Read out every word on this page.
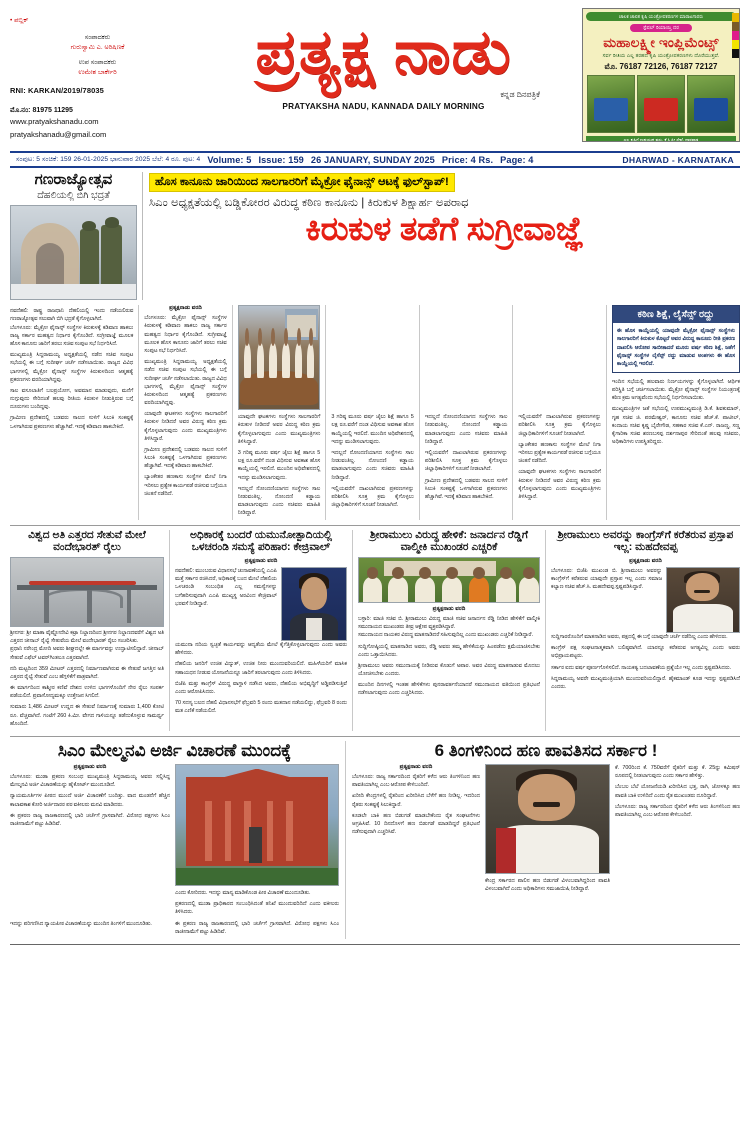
• ಪಬ್ಲಿಕ್
ಸಂಪಾದಕರು
ಗುರುಸ್ವಾಮಿ ಎ. ಅರಿಷಿಣಕೆ
ಉಪ ಸಂಪಾದಕರು
ಉಮೇಶ ಬಾರ್ಕೇರಿ
RNI: KARKAN/2019/78035
ಮೊ.ನಂ: 81975 11295
www.pratyakshanadu.com
pratyakshanadu@gmail.com
ಪ್ರತ್ಯಕ್ಷ ನಾಡು
ಕನ್ನಡ ದಿನಪತ್ರಿಕೆ
PRATYAKSHA NADU, KANNADA DAILY MORNING
ಚಾಲಕ ಚಾಲಿತ ಕೃಷಿ ಯಂತ್ರೋಪಕರಣಗಳ ಮಾರಾಟಗಾರರು
ಸ್ಪೆಷಲ್ ರಿಯಾಯ್ತಿ ದರ
ಮಹಾಲಕ್ಷ್ಮೀ ಇಂಪ್ಲಿಮೆಂಟ್ಸ್
ಸರ್ವ ರೀತಿಯ ಎಲ್ಲ ತರಹದ ಕೃಷಿ ಯಂತ್ರೋಪಕರಣಗಳು ದೊರೆಯುತ್ತವೆ.
ಮೊ. 76187 72126, 76187 72127
ಎಲ್ಲ ಕೃಷಿಗೆ ಉಪಯುಕ್ತ ವಸ್ತು, ಕೆ ಸಿ ಫ್ರೀ ಸೇವೆ, ಧಾರವಾಡ
ಸಂಪುಟ: 5 ಸಂಚಿಕೆ: 159 26-01-2025 ಭಾನುವಾರ 2025 ಬೆಲೆ: 4 ರೂ. ಪುಟ: 4 Volume: 5 Issue: 159 26 JANUARY, SUNDAY 2025 Price: 4 Rs. Page: 4	DHARWAD - KARNATAKA
ಗಣರಾಜ್ಯೋತ್ಸವ
ದೆಹಲಿಯಲ್ಲಿ ಬಿಗಿ ಭದ್ರತೆ
ಹೊಸ ಕಾನೂನು ಜಾರಿಯಿಂದ ಸಾಲಗಾರರಿಗೆ ಮೈಕ್ರೋ ಫೈನಾನ್ಸ್ ಆಟಕ್ಕೆ ಫುಲ್‌ಸ್ಟಾಪ್!
ಸಿಎಂ ಅಧ್ಯಕ್ಷತೆಯಲ್ಲಿ ಬಡ್ಡಿಕೋರರ ವಿರುದ್ಧ ಕಠಿಣ ಕಾನೂನು | ಕಿರುಕುಳ ಶಿಕ್ಷಾರ್ಹ ಅಪರಾಧ
ಕಿರುಕುಳ ತಡೆಗೆ ಸುಗ್ರೀವಾಜ್ಞೆ
ನವದೆಹಲಿ: ರಾಷ್ಟ್ರ ರಾಜಧಾನಿ ದೆಹಲಿಯಲ್ಲಿ ಇಂದು ನಡೆಯಲಿರುವ ಗಣರಾಜ್ಯೋತ್ಸವ ಸಲುವಾಗಿ ಬಿಗಿ ಭದ್ರತೆ ಕೈಗೊಳ್ಳಲಾಗಿದೆ.
ಬೆಂಗಳೂರು: ಮೈಕ್ರೋ ಫೈನಾನ್ಸ್ ಸಂಸ್ಥೆಗಳ ಕಿರುಕುಳಕ್ಕೆ ಕಡಿವಾಣ ಹಾಕಲು ರಾಜ್ಯ ಸರ್ಕಾರ ಮಹತ್ವದ ನಿರ್ಧಾರ ಕೈಗೊಂಡಿದೆ. ಸುಗ್ರೀವಾಜ್ಞೆ ಮೂಲಕ ಹೊಸ ಕಾನೂನು ಜಾರಿಗೆ ತರಲು ಸಚಿವ ಸಂಪುಟ ಸಭೆ ನಿರ್ಧರಿಸಿದೆ.
ಮುಖ್ಯಮಂತ್ರಿ ಸಿದ್ದರಾಮಯ್ಯ ಅಧ್ಯಕ್ಷತೆಯಲ್ಲಿ ನಡೆದ ಸಚಿವ ಸಂಪುಟ ಸಭೆಯಲ್ಲಿ ಈ ಬಗ್ಗೆ ಸುದೀರ್ಘ ಚರ್ಚೆ ನಡೆಸಲಾಯಿತು. ರಾಜ್ಯದ ವಿವಿಧ ಭಾಗಗಳಲ್ಲಿ ಮೈಕ್ರೋ ಫೈನಾನ್ಸ್ ಸಂಸ್ಥೆಗಳ ಕಿರುಕುಳದಿಂದ ಆತ್ಮಹತ್ಯೆ ಪ್ರಕರಣಗಳು ವರದಿಯಾಗಿದ್ದವು.
ಸಾಲ ವಸೂಲಾತಿಗೆ ಬಲಪ್ರಯೋಗ, ಅವಮಾನ ಮಾಡುವುದು, ಮನೆಗೆ ನುಗ್ಗುವುದು ಸೇರಿದಂತೆ ಹಲವು ರೀತಿಯ ಕಿರುಕುಳ ನೀಡುತ್ತಿರುವ ಬಗ್ಗೆ ದೂರುಗಳು ಬಂದಿದ್ದವು.
ಗ್ರಾಮೀಣ ಪ್ರದೇಶದಲ್ಲಿ ಬಡವರು ಸಾಲದ ಸುಳಿಗೆ ಸಿಲುಕಿ ಸಂಕಷ್ಟಕ್ಕೆ ಒಳಗಾಗಿರುವ ಪ್ರಕರಣಗಳು ಹೆಚ್ಚಾಗಿವೆ. ಇದಕ್ಕೆ ಕಡಿವಾಣ ಹಾಕಬೇಕಿದೆ.
ಪ್ರತ್ಯಕ್ಷನಾಡು ವರದಿ
ಬೆಂಗಳೂರು: ಮೈಕ್ರೋ ಫೈನಾನ್ಸ್ ಸಂಸ್ಥೆಗಳ ಕಿರುಕುಳಕ್ಕೆ ಕಡಿವಾಣ ಹಾಕಲು ರಾಜ್ಯ ಸರ್ಕಾರ ಮಹತ್ವದ ನಿರ್ಧಾರ ಕೈಗೊಂಡಿದೆ. ಸುಗ್ರೀವಾಜ್ಞೆ ಮೂಲಕ ಹೊಸ ಕಾನೂನು ಜಾರಿಗೆ ತರಲು ಸಚಿವ ಸಂಪುಟ ಸಭೆ ನಿರ್ಧರಿಸಿದೆ.
ಮುಖ್ಯಮಂತ್ರಿ ಸಿದ್ದರಾಮಯ್ಯ ಅಧ್ಯಕ್ಷತೆಯಲ್ಲಿ ನಡೆದ ಸಚಿವ ಸಂಪುಟ ಸಭೆಯಲ್ಲಿ ಈ ಬಗ್ಗೆ ಸುದೀರ್ಘ ಚರ್ಚೆ ನಡೆಸಲಾಯಿತು. ರಾಜ್ಯದ ವಿವಿಧ ಭಾಗಗಳಲ್ಲಿ ಮೈಕ್ರೋ ಫೈನಾನ್ಸ್ ಸಂಸ್ಥೆಗಳ ಕಿರುಕುಳದಿಂದ ಆತ್ಮಹತ್ಯೆ ಪ್ರಕರಣಗಳು ವರದಿಯಾಗಿದ್ದವು.
ಯಾವುದೇ ಘಟಕಗಳು ಸಂಸ್ಥೆಗಳು ಸಾಲಗಾರರಿಗೆ ಕಿರುಕುಳ ನೀಡಿದರೆ ಅವರ ವಿರುದ್ಧ ಕಠಿಣ ಕ್ರಮ ಕೈಗೊಳ್ಳಲಾಗುವುದು ಎಂದು ಮುಖ್ಯಮಂತ್ರಿಗಳು ತಿಳಿಸಿದ್ದಾರೆ.
ಗ್ರಾಮೀಣ ಪ್ರದೇಶದಲ್ಲಿ ಬಡವರು ಸಾಲದ ಸುಳಿಗೆ ಸಿಲುಕಿ ಸಂಕಷ್ಟಕ್ಕೆ ಒಳಗಾಗಿರುವ ಪ್ರಕರಣಗಳು ಹೆಚ್ಚಾಗಿವೆ. ಇದಕ್ಕೆ ಕಡಿವಾಣ ಹಾಕಬೇಕಿದೆ.
ಬ್ಯಾಂಕೇತರ ಹಣಕಾಸು ಸಂಸ್ಥೆಗಳ ಮೇಲೆ ನಿಗಾ ಇರಿಸಲು ಪ್ರತ್ಯೇಕ ಕಾರ್ಯಪಡೆ ರಚಿಸುವ ಬಗ್ಗೆಯೂ ಚಿಂತನೆ ನಡೆದಿದೆ.
ಯಾವುದೇ ಘಟಕಗಳು ಸಂಸ್ಥೆಗಳು ಸಾಲಗಾರರಿಗೆ ಕಿರುಕುಳ ನೀಡಿದರೆ ಅವರ ವಿರುದ್ಧ ಕಠಿಣ ಕ್ರಮ ಕೈಗೊಳ್ಳಲಾಗುವುದು ಎಂದು ಮುಖ್ಯಮಂತ್ರಿಗಳು ತಿಳಿಸಿದ್ದಾರೆ.
3 ಗರಿಷ್ಠ ಮೂರು ವರ್ಷ ಜೈಲು ಶಿಕ್ಷೆ ಹಾಗೂ 5 ಲಕ್ಷ ರೂ.ವರೆಗೆ ದಂಡ ವಿಧಿಸುವ ಅವಕಾಶ ಹೊಸ ಕಾಯ್ದೆಯಲ್ಲಿ ಇರಲಿದೆ. ಮುಂದಿನ ಅಧಿವೇಶನದಲ್ಲಿ ಇದನ್ನು ಮಂಡಿಸಲಾಗುವುದು.
ಇದಲ್ಲದೆ ನೋಂದಣಿಯಾಗದ ಸಂಸ್ಥೆಗಳು ಸಾಲ ನೀಡುವಂತಿಲ್ಲ. ನೋಂದಣಿ ಕಡ್ಡಾಯ ಮಾಡಲಾಗುವುದು ಎಂದು ಸಚಿವರು ಮಾಹಿತಿ ನೀಡಿದ್ದಾರೆ.
3 ಗರಿಷ್ಠ ಮೂರು ವರ್ಷ ಜೈಲು ಶಿಕ್ಷೆ ಹಾಗೂ 5 ಲಕ್ಷ ರೂ.ವರೆಗೆ ದಂಡ ವಿಧಿಸುವ ಅವಕಾಶ ಹೊಸ ಕಾಯ್ದೆಯಲ್ಲಿ ಇರಲಿದೆ. ಮುಂದಿನ ಅಧಿವೇಶನದಲ್ಲಿ ಇದನ್ನು ಮಂಡಿಸಲಾಗುವುದು.
ಇದಲ್ಲದೆ ನೋಂದಣಿಯಾಗದ ಸಂಸ್ಥೆಗಳು ಸಾಲ ನೀಡುವಂತಿಲ್ಲ. ನೋಂದಣಿ ಕಡ್ಡಾಯ ಮಾಡಲಾಗುವುದು ಎಂದು ಸಚಿವರು ಮಾಹಿತಿ ನೀಡಿದ್ದಾರೆ.
ಇಲ್ಲಿಯವರೆಗೆ ದಾಖಲಾಗಿರುವ ಪ್ರಕರಣಗಳನ್ನು ಪರಿಶೀಲಿಸಿ ಸೂಕ್ತ ಕ್ರಮ ಕೈಗೊಳ್ಳಲು ಜಿಲ್ಲಾಧಿಕಾರಿಗಳಿಗೆ ಸೂಚನೆ ನೀಡಲಾಗಿದೆ.
ಇದಲ್ಲದೆ ನೋಂದಣಿಯಾಗದ ಸಂಸ್ಥೆಗಳು ಸಾಲ ನೀಡುವಂತಿಲ್ಲ. ನೋಂದಣಿ ಕಡ್ಡಾಯ ಮಾಡಲಾಗುವುದು ಎಂದು ಸಚಿವರು ಮಾಹಿತಿ ನೀಡಿದ್ದಾರೆ.
ಇಲ್ಲಿಯವರೆಗೆ ದಾಖಲಾಗಿರುವ ಪ್ರಕರಣಗಳನ್ನು ಪರಿಶೀಲಿಸಿ ಸೂಕ್ತ ಕ್ರಮ ಕೈಗೊಳ್ಳಲು ಜಿಲ್ಲಾಧಿಕಾರಿಗಳಿಗೆ ಸೂಚನೆ ನೀಡಲಾಗಿದೆ.
ಗ್ರಾಮೀಣ ಪ್ರದೇಶದಲ್ಲಿ ಬಡವರು ಸಾಲದ ಸುಳಿಗೆ ಸಿಲುಕಿ ಸಂಕಷ್ಟಕ್ಕೆ ಒಳಗಾಗಿರುವ ಪ್ರಕರಣಗಳು ಹೆಚ್ಚಾಗಿವೆ. ಇದಕ್ಕೆ ಕಡಿವಾಣ ಹಾಕಬೇಕಿದೆ.
ಇಲ್ಲಿಯವರೆಗೆ ದಾಖಲಾಗಿರುವ ಪ್ರಕರಣಗಳನ್ನು ಪರಿಶೀಲಿಸಿ ಸೂಕ್ತ ಕ್ರಮ ಕೈಗೊಳ್ಳಲು ಜಿಲ್ಲಾಧಿಕಾರಿಗಳಿಗೆ ಸೂಚನೆ ನೀಡಲಾಗಿದೆ.
ಬ್ಯಾಂಕೇತರ ಹಣಕಾಸು ಸಂಸ್ಥೆಗಳ ಮೇಲೆ ನಿಗಾ ಇರಿಸಲು ಪ್ರತ್ಯೇಕ ಕಾರ್ಯಪಡೆ ರಚಿಸುವ ಬಗ್ಗೆಯೂ ಚಿಂತನೆ ನಡೆದಿದೆ.
ಯಾವುದೇ ಘಟಕಗಳು ಸಂಸ್ಥೆಗಳು ಸಾಲಗಾರರಿಗೆ ಕಿರುಕುಳ ನೀಡಿದರೆ ಅವರ ವಿರುದ್ಧ ಕಠಿಣ ಕ್ರಮ ಕೈಗೊಳ್ಳಲಾಗುವುದು ಎಂದು ಮುಖ್ಯಮಂತ್ರಿಗಳು ತಿಳಿಸಿದ್ದಾರೆ.
ಕಠಿಣ ಶಿಕ್ಷೆ, ಲೈಸೆನ್ಸ್ ರದ್ದು
ಈ ಹೊಸ ಕಾಯ್ದೆಯಲ್ಲಿ ಯಾವುದೇ ಮೈಕ್ರೋ ಫೈನಾನ್ಸ್ ಸಂಸ್ಥೆಗಳು ಸಾಲಗಾರರಿಗೆ ಕಿರುಕುಳ ಕೊಟ್ಟರೆ ಅವರ ವಿರುದ್ಧ ಕಾನೂನು ರೀತಿ ಪ್ರಕರಣ ದಾಖಲಿಸಿ ಆರೋಪ ಸಾಬೀತಾದರೆ ಮೂರು ವರ್ಷ ಕಠಿಣ ಶಿಕ್ಷೆ, ಜತೆಗೆ ಫೈನಾನ್ಸ್ ಸಂಸ್ಥೆಗಳ ಲೈಸೆನ್ಸ್ ರದ್ದು ಮಾಡುವ ಅಂಶಗಳು ಈ ಹೊಸ ಕಾಯ್ದೆಯಲ್ಲಿ ಇರಲಿದೆ.
ಇಂದಿನ ಸಭೆಯಲ್ಲಿ ಹಲವಾರು ನಿರ್ಣಯಗಳನ್ನು ಕೈಗೊಳ್ಳಲಾಗಿದೆ. ಆರ್ಥಿಕ ಪರಿಸ್ಥಿತಿ ಬಗ್ಗೆ ಚರ್ಚಿಸಲಾಯಿತು. ಮೈಕ್ರೋ ಫೈನಾನ್ಸ್ ಸಂಸ್ಥೆಗಳ ನಿಯಂತ್ರಣಕ್ಕೆ ಕಠಿಣ ಕ್ರಮ ಅಗತ್ಯವೆಂದು ಸಭೆಯಲ್ಲಿ ನಿರ್ಧರಿಸಲಾಯಿತು.
ಮುಖ್ಯಮಂತ್ರಿಗಳ ಜತೆ ಸಭೆಯಲ್ಲಿ ಉಪಮುಖ್ಯಮಂತ್ರಿ ಡಿ.ಕೆ. ಶಿವಕುಮಾರ್, ಗೃಹ ಸಚಿವ ಜಿ. ಪರಮೇಶ್ವರ್, ಕಾನೂನು ಸಚಿವ ಹೆಚ್.ಕೆ. ಪಾಟೀಲ್, ಕಂದಾಯ ಸಚಿವ ಕೃಷ್ಣ ಬೈರೇಗೌಡ, ಸಹಕಾರ ಸಚಿವ ಕೆ.ಎನ್. ರಾಜಣ್ಣ, ಸಣ್ಣ ಕೈಗಾರಿಕಾ ಸಚಿವ ಶರಣಬಸಪ್ಪ ದರ್ಶನಾಪುರ ಸೇರಿದಂತೆ ಹಲವು ಸಚಿವರು, ಅಧಿಕಾರಿಗಳು ಉಪಸ್ಥಿತರಿದ್ದರು.
ವಿಶ್ವದ ಅತಿ ಎತ್ತರದ ಸೇತುವೆ ಮೇಲೆ ವಂದೇಭಾರತ್ ರೈಲು
ಶ್ರೀನಗರ: ಶ್ರೀ ಮಾತಾ ವೈಷ್ಣೋದೇವಿ ಕಟ್ರಾ ನಿಲ್ದಾಣದಿಂದ ಶ್ರೀನಗರ ನಿಲ್ದಾಣದವರೆಗೆ ವಿಶ್ವದ ಅತಿ ಎತ್ತರದ ಚೀನಾಬ್ ರೈಲ್ವೆ ಸೇತುವೆಯ ಮೇಲೆ ವಂದೇಭಾರತ್ ರೈಲು ಸಂಚರಿಸಿತು.
ಪ್ರಧಾನಿ ನರೇಂದ್ರ ಮೋದಿ ಅವರು ಶೀಘ್ರದಲ್ಲೇ ಈ ಮಾರ್ಗವನ್ನು ಉದ್ಘಾಟಿಸಲಿದ್ದಾರೆ. ಚೀನಾಬ್ ಸೇತುವೆ ಎಫೆಲ್ ಟವರ್‌ಗಿಂತಲೂ ಎತ್ತರವಾಗಿದೆ.
ನದಿ ಮಟ್ಟದಿಂದ 359 ಮೀಟರ್ ಎತ್ತರದಲ್ಲಿ ನಿರ್ಮಾಣವಾಗಿರುವ ಈ ಸೇತುವೆ ಜಗತ್ತಿನ ಅತಿ ಎತ್ತರದ ರೈಲ್ವೆ ಸೇತುವೆ ಎಂಬ ಹೆಗ್ಗಳಿಕೆಗೆ ಪಾತ್ರವಾಗಿದೆ.
ಈ ಮಾರ್ಗದಿಂದ ಕಾಶ್ಮೀರ ಕಣಿವೆ ದೇಶದ ಉಳಿದ ಭಾಗಗಳೊಂದಿಗೆ ನೇರ ರೈಲು ಸಂಪರ್ಕ ಪಡೆಯಲಿದೆ. ಪ್ರವಾಸೋದ್ಯಮಕ್ಕೂ ಉತ್ತೇಜನ ಸಿಗಲಿದೆ.
ಸುಮಾರು 1,486 ಮೀಟರ್ ಉದ್ದದ ಈ ಸೇತುವೆ ನಿರ್ಮಾಣಕ್ಕೆ ಸುಮಾರು 1,400 ಕೋಟಿ ರೂ. ವೆಚ್ಚವಾಗಿದೆ. ಗಂಟೆಗೆ 260 ಕಿ.ಮೀ. ವೇಗದ ಗಾಳಿಯನ್ನೂ ತಡೆದುಕೊಳ್ಳುವ ಸಾಮರ್ಥ್ಯ ಹೊಂದಿದೆ.
ಅಧಿಕಾರಕ್ಕೆ ಬಂದರೆ ಯಮುನೋತ್ಪಾದಿಯಲ್ಲಿ ಒಳಚರಂಡಿ ಸಮಸ್ಯೆ ಪರಿಹಾರ: ಕೇಜ್ರಿವಾಲ್
ಪ್ರತ್ಯಕ್ಷನಾಡು ವರದಿ
ನವದೆಹಲಿ: ಮುಂಬರುವ ವಿಧಾನಸಭೆ ಚುನಾವಣೆಯಲ್ಲಿ ಎಎಪಿ ಮತ್ತೆ ಸರ್ಕಾರ ರಚಿಸಿದರೆ, ಅಧಿಕಾರಕ್ಕೆ ಬಂದ ಮೇಲೆ ದೆಹಲಿಯ ಒಳಚರಂಡಿ ಸಂಬಂಧಿತ ಎಲ್ಲ ಸಮಸ್ಯೆಗಳನ್ನು ಬಗೆಹರಿಸುವುದಾಗಿ ಎಎಪಿ ಮುಖ್ಯಸ್ಥ ಅರವಿಂದ ಕೇಜ್ರಿವಾಲ್ ಭರವಸೆ ನೀಡಿದ್ದಾರೆ.
ಯಮುನಾ ನದಿಯ ಸ್ವಚ್ಛತೆ ಕಾರ್ಯವನ್ನು ಆದ್ಯತೆಯ ಮೇಲೆ ಕೈಗೆತ್ತಿಕೊಳ್ಳಲಾಗುವುದು ಎಂದು ಅವರು ಹೇಳಿದರು.
ದೆಹಲಿಯ ಜನರಿಗೆ ಉಚಿತ ವಿದ್ಯುತ್, ಉಚಿತ ನೀರು ಮುಂದುವರಿಯಲಿದೆ. ಮಹಿಳೆಯರಿಗೆ ಮಾಸಿಕ ಸಹಾಯಧನ ನೀಡುವ ಯೋಜನೆಯನ್ನೂ ಜಾರಿಗೆ ತರಲಾಗುವುದು ಎಂದು ತಿಳಿಸಿದರು.
ಬಿಜೆಪಿ ಮತ್ತು ಕಾಂಗ್ರೆಸ್ ವಿರುದ್ಧ ವಾಗ್ದಾಳಿ ನಡೆಸಿದ ಅವರು, ದೆಹಲಿಯ ಅಭಿವೃದ್ಧಿಗೆ ಅಡ್ಡಿಪಡಿಸುತ್ತಿವೆ ಎಂದು ಆರೋಪಿಸಿದರು.
70 ಸದಸ್ಯ ಬಲದ ದೆಹಲಿ ವಿಧಾನಸಭೆಗೆ ಫೆಬ್ರವರಿ 5 ರಂದು ಮತದಾನ ನಡೆಯಲಿದ್ದು, ಫೆಬ್ರವರಿ 8 ರಂದು ಮತ ಎಣಿಕೆ ನಡೆಯಲಿದೆ.
ಶ್ರೀರಾಮುಲು ವಿರುದ್ಧ ಹೇಳಿಕೆ: ಜನಾರ್ದನ ರೆಡ್ಡಿಗೆ ವಾಲ್ಮೀಕಿ ಮುಖಂಡರ ಎಚ್ಚರಿಕೆ
ಪ್ರತ್ಯಕ್ಷನಾಡು ವರದಿ
ಬಳ್ಳಾರಿ: ಮಾಜಿ ಸಚಿವ ಬಿ. ಶ್ರೀರಾಮುಲು ವಿರುದ್ಧ ಮಾಜಿ ಸಚಿವ ಜನಾರ್ದನ ರೆಡ್ಡಿ ನೀಡಿದ ಹೇಳಿಕೆಗೆ ವಾಲ್ಮೀಕಿ ಸಮುದಾಯದ ಮುಖಂಡರು ತೀವ್ರ ಆಕ್ಷೇಪ ವ್ಯಕ್ತಪಡಿಸಿದ್ದಾರೆ.
ಸಮುದಾಯದ ನಾಯಕರ ವಿರುದ್ಧ ಮಾತನಾಡಿದರೆ ಸಹಿಸುವುದಿಲ್ಲ ಎಂದು ಮುಖಂಡರು ಎಚ್ಚರಿಕೆ ನೀಡಿದ್ದಾರೆ.
ಸುದ್ದಿಗೋಷ್ಠಿಯಲ್ಲಿ ಮಾತನಾಡಿದ ಅವರು, ರೆಡ್ಡಿ ಅವರು ತಮ್ಮ ಹೇಳಿಕೆಯನ್ನು ಹಿಂಪಡೆದು ಕ್ಷಮೆಯಾಚಿಸಬೇಕು ಎಂದು ಒತ್ತಾಯಿಸಿದರು.
ಶ್ರೀರಾಮುಲು ಅವರು ಸಮುದಾಯಕ್ಕೆ ನೀಡಿರುವ ಕೊಡುಗೆ ಅಪಾರ. ಅವರ ವಿರುದ್ಧ ಮಾತನಾಡುವ ಮೊದಲು ಯೋಚಿಸಬೇಕು ಎಂದರು.
ಮುಂದಿನ ದಿನಗಳಲ್ಲಿ ಇಂತಹ ಹೇಳಿಕೆಗಳು ಪುನರಾವರ್ತನೆಯಾದರೆ ಸಮುದಾಯದ ವತಿಯಿಂದ ಪ್ರತಿಭಟನೆ ನಡೆಸಲಾಗುವುದು ಎಂದು ಎಚ್ಚರಿಸಿದರು.
ಶ್ರೀರಾಮುಲು ಅವರನ್ನು ಕಾಂಗ್ರೆಸ್‌ಗೆ ಕರೆತರುವ ಪ್ರಸ್ತಾಪ ಇಲ್ಲ: ಮಹದೇವಪ್ಪ
ಪ್ರತ್ಯಕ್ಷನಾಡು ವರದಿ
ಬೆಂಗಳೂರು: ಬಿಜೆಪಿ ಮುಖಂಡ ಬಿ. ಶ್ರೀರಾಮುಲು ಅವರನ್ನು ಕಾಂಗ್ರೆಸ್‌ಗೆ ಕರೆತರುವ ಯಾವುದೇ ಪ್ರಸ್ತಾಪ ಇಲ್ಲ ಎಂದು ಸಮಾಜ ಕಲ್ಯಾಣ ಸಚಿವ ಹೆಚ್.ಸಿ. ಮಹದೇವಪ್ಪ ಸ್ಪಷ್ಟಪಡಿಸಿದ್ದಾರೆ.
ಸುದ್ದಿಗಾರರೊಂದಿಗೆ ಮಾತನಾಡಿದ ಅವರು, ಪಕ್ಷದಲ್ಲಿ ಈ ಬಗ್ಗೆ ಯಾವುದೇ ಚರ್ಚೆ ನಡೆದಿಲ್ಲ ಎಂದು ಹೇಳಿದರು.
ಕಾಂಗ್ರೆಸ್ ಪಕ್ಷ ಸಂಘಟನಾತ್ಮಕವಾಗಿ ಬಲಿಷ್ಠವಾಗಿದೆ. ಯಾರನ್ನೂ ಕರೆತರುವ ಅಗತ್ಯವಿಲ್ಲ ಎಂದು ಅವರು ಅಭಿಪ್ರಾಯಪಟ್ಟರು.
ಸರ್ಕಾರ ಐದು ವರ್ಷ ಪೂರ್ಣಗೊಳಿಸಲಿದೆ. ನಾಯಕತ್ವ ಬದಲಾವಣೆಯ ಪ್ರಶ್ನೆಯೇ ಇಲ್ಲ ಎಂದು ಸ್ಪಷ್ಟಪಡಿಸಿದರು.
ಸಿದ್ದರಾಮಯ್ಯ ಅವರೇ ಮುಖ್ಯಮಂತ್ರಿಯಾಗಿ ಮುಂದುವರಿಯಲಿದ್ದಾರೆ. ಹೈಕಮಾಂಡ್ ಕೂಡ ಇದನ್ನು ಸ್ಪಷ್ಟಪಡಿಸಿದೆ ಎಂದರು.
ಸಿಎಂ ಮೇಲ್ಮನವಿ ಅರ್ಜಿ ವಿಚಾರಣೆ ಮುಂದಕ್ಕೆ
ಪ್ರತ್ಯಕ್ಷನಾಡು ವರದಿ
ಬೆಂಗಳೂರು: ಮುಡಾ ಪ್ರಕರಣ ಸಂಬಂಧ ಮುಖ್ಯಮಂತ್ರಿ ಸಿದ್ದರಾಮಯ್ಯ ಅವರು ಸಲ್ಲಿಸಿದ್ದ ಮೇಲ್ಮನವಿ ಅರ್ಜಿ ವಿಚಾರಣೆಯನ್ನು ಹೈಕೋರ್ಟ್ ಮುಂದೂಡಿದೆ.
ನ್ಯಾಯಮೂರ್ತಿಗಳ ಪೀಠದ ಮುಂದೆ ಅರ್ಜಿ ವಿಚಾರಣೆಗೆ ಬಂದಿತ್ತು. ವಾದ ಮಂಡನೆಗೆ ಹೆಚ್ಚಿನ ಕಾಲಾವಕಾಶ ಕೋರಿ ಅರ್ಜಿದಾರರ ಪರ ವಕೀಲರು ಮನವಿ ಮಾಡಿದರು.
ಈ ಪ್ರಕರಣ ರಾಜ್ಯ ರಾಜಕಾರಣದಲ್ಲಿ ಭಾರಿ ಚರ್ಚೆಗೆ ಗ್ರಾಸವಾಗಿದೆ. ವಿರೋಧ ಪಕ್ಷಗಳು ಸಿಎಂ ರಾಜೀನಾಮೆಗೆ ಪಟ್ಟು ಹಿಡಿದಿವೆ.
ಎಂದು ಕೋರಿದರು. ಇದನ್ನು ಮಾನ್ಯ ಮಾಡಿಕೊಂಡ ಪೀಠ ವಿಚಾರಣೆ ಮುಂದೂಡಿತು.
ಪ್ರಕರಣದಲ್ಲಿ ಮುಡಾ ಪ್ರಾಧಿಕಾರದ ಸಂಬಂಧಿಸಿದಂತೆ ತನಿಖೆ ಮುಂದುವರಿದಿದೆ ಎಂದು ವಕೀಲರು ತಿಳಿಸಿದರು.
ಇದನ್ನು ಪರಿಗಣಿಸಿದ ನ್ಯಾಯಪೀಠ ವಿಚಾರಣೆಯನ್ನು ಮುಂದಿನ ತಿಂಗಳಿಗೆ ಮುಂದೂಡಿತು.	ಈ ಪ್ರಕರಣ ರಾಜ್ಯ ರಾಜಕಾರಣದಲ್ಲಿ ಭಾರಿ ಚರ್ಚೆಗೆ ಗ್ರಾಸವಾಗಿದೆ. ವಿರೋಧ ಪಕ್ಷಗಳು ಸಿಎಂ ರಾಜೀನಾಮೆಗೆ ಪಟ್ಟು ಹಿಡಿದಿವೆ.
6 ತಿಂಗಳಿನಿಂದ ಹಣ ಪಾವತಿಸದ ಸರ್ಕಾರ !
ಪ್ರತ್ಯಕ್ಷನಾಡು ವರದಿ
ಬೆಂಗಳೂರು: ರಾಜ್ಯ ಸರ್ಕಾರದಿಂದ ರೈತರಿಗೆ ಕಳೆದ ಆರು ತಿಂಗಳಿನಿಂದ ಹಣ ಪಾವತಿಯಾಗಿಲ್ಲ ಎಂಬ ಆರೋಪ ಕೇಳಿಬಂದಿದೆ.
ಖರೀದಿ ಕೇಂದ್ರಗಳಲ್ಲಿ ರೈತರಿಂದ ಖರೀದಿಸಿದ ಬೆಳೆಗೆ ಹಣ ನೀಡಿಲ್ಲ. ಇದರಿಂದ ರೈತರು ಸಂಕಷ್ಟಕ್ಕೆ ಸಿಲುಕಿದ್ದಾರೆ.
ಕೂಡಲೇ ಬಾಕಿ ಹಣ ಬಿಡುಗಡೆ ಮಾಡಬೇಕೆಂದು ರೈತ ಸಂಘಟನೆಗಳು ಆಗ್ರಹಿಸಿವೆ. 10 ದಿನದೊಳಗೆ ಹಣ ಬಿಡುಗಡೆ ಮಾಡದಿದ್ದರೆ ಪ್ರತಿಭಟನೆ ನಡೆಸುವುದಾಗಿ ಎಚ್ಚರಿಸಿವೆ.
ಕೇಂದ್ರ ಸರ್ಕಾರದ ಪಾಲಿನ ಹಣ ಬಿಡುಗಡೆ ವಿಳಂಬವಾಗಿದ್ದರಿಂದ ಪಾವತಿ ವಿಳಂಬವಾಗಿದೆ ಎಂದು ಅಧಿಕಾರಿಗಳು ಸಮಜಾಯಿಷಿ ನೀಡಿದ್ದಾರೆ.
ಕೆ. 700ರಿಂದ ಕೆ. 750ವರೆಗೆ ರೈತರಿಗೆ ಮತ್ತು ಕೆ. 25ನ್ನು ಕಮಿಷನ್ ರೂಪದಲ್ಲಿ ನೀಡಲಾಗುವುದು ಎಂದು ಸರ್ಕಾರ ಹೇಳಿತ್ತು.
ಬೆಂಬಲ ಬೆಲೆ ಯೋಜನೆಯಡಿ ಖರೀದಿಸಿದ ಭತ್ತ, ರಾಗಿ, ಜೋಳಕ್ಕೂ ಹಣ ಪಾವತಿ ಬಾಕಿ ಉಳಿದಿದೆ ಎಂದು ರೈತ ಮುಖಂಡರು ದೂರಿದ್ದಾರೆ.
ಬೆಂಗಳೂರು: ರಾಜ್ಯ ಸರ್ಕಾರದಿಂದ ರೈತರಿಗೆ ಕಳೆದ ಆರು ತಿಂಗಳಿನಿಂದ ಹಣ ಪಾವತಿಯಾಗಿಲ್ಲ ಎಂಬ ಆರೋಪ ಕೇಳಿಬಂದಿದೆ.
